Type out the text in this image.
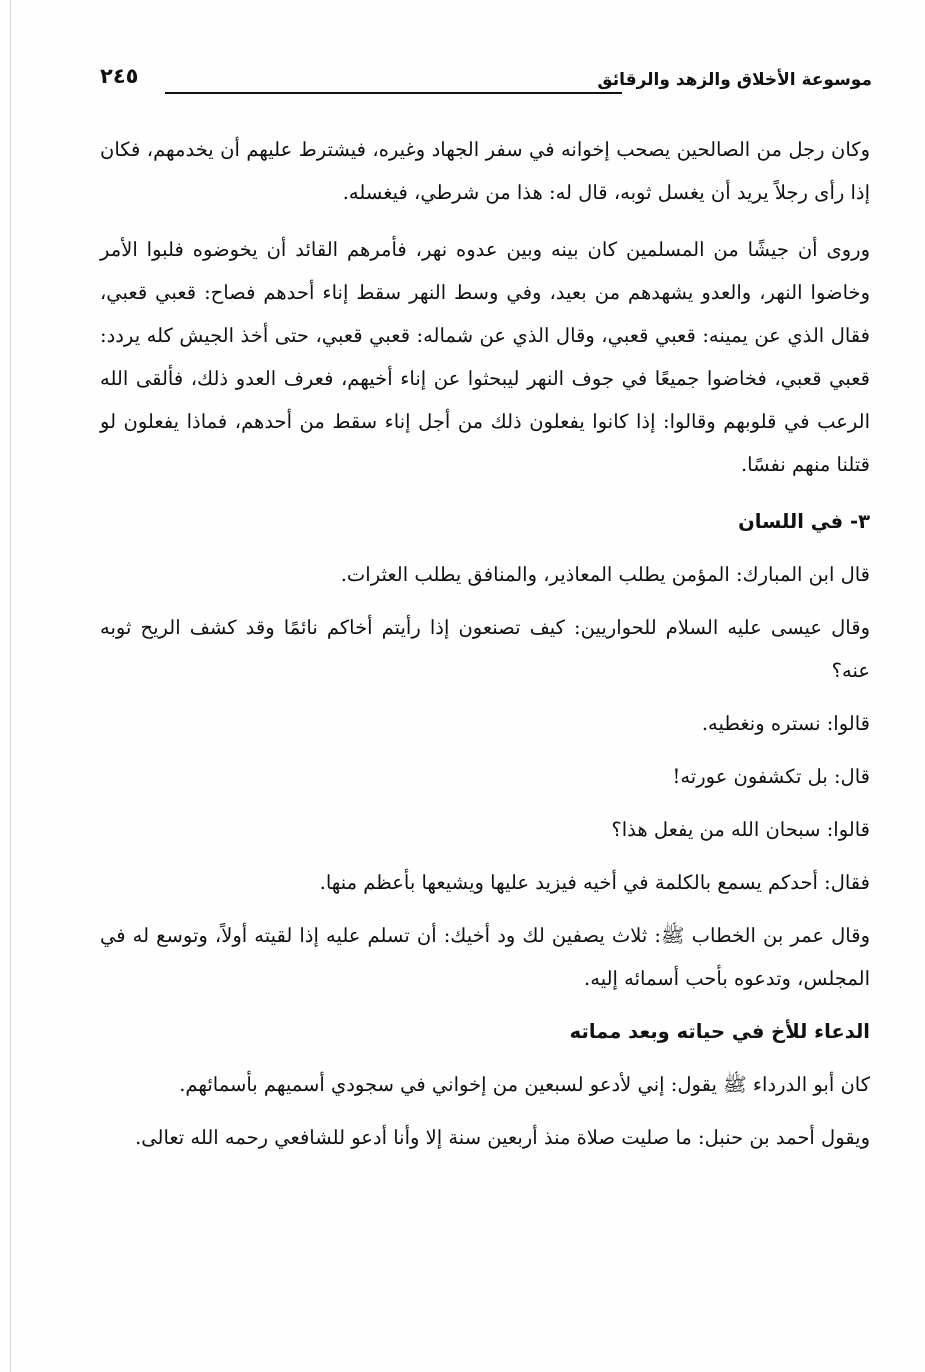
موسوعة الأخلاق والزهد والرقائق
٢٤٥

وكان رجل من الصالحين يصحب إخوانه في سفر الجهاد وغيره، فيشترط عليهم أن يخدمهم، فكان إذا رأى رجلاً يريد أن يغسل ثوبه، قال له: هذا من شرطي، فيغسله.

وروى أن جيشًا من المسلمين كان بينه وبين عدوه نهر، فأمرهم القائد أن يخوضوه فلبوا الأمر وخاضوا النهر، والعدو يشهدهم من بعيد، وفي وسط النهر سقط إناء أحدهم فصاح: قعبي قعبي، فقال الذي عن يمينه: قعبي قعبي، وقال الذي عن شماله: قعبي قعبي، حتى أخذ الجيش كله يردد: قعبي قعبي، فخاضوا جميعًا في جوف النهر ليبحثوا عن إناء أخيهم، فعرف العدو ذلك، فألقى الله الرعب في قلوبهم وقالوا: إذا كانوا يفعلون ذلك من أجل إناء سقط من أحدهم، فماذا يفعلون لو قتلنا منهم نفسًا.

٣- في اللسان

قال ابن المبارك: المؤمن يطلب المعاذير، والمنافق يطلب العثرات.

وقال عيسى عليه السلام للحواريين: كيف تصنعون إذا رأيتم أخاكم نائمًا وقد كشف الريح ثوبه عنه؟

قالوا: نستره ونغطيه.

قال: بل تكشفون عورته!

قالوا: سبحان الله من يفعل هذا؟

فقال: أحدكم يسمع بالكلمة في أخيه فيزيد عليها ويشيعها بأعظم منها.

وقال عمر بن الخطاب ﷺ: ثلاث يصفين لك ود أخيك: أن تسلم عليه إذا لقيته أولاً، وتوسع له في المجلس، وتدعوه بأحب أسمائه إليه.

الدعاء للأخ في حياته وبعد مماته

كان أبو الدرداء ﷺ يقول: إني لأدعو لسبعين من إخواني في سجودي أسميهم بأسمائهم.

ويقول أحمد بن حنبل: ما صليت صلاة منذ أربعين سنة إلا وأنا أدعو للشافعي رحمه الله تعالى.
